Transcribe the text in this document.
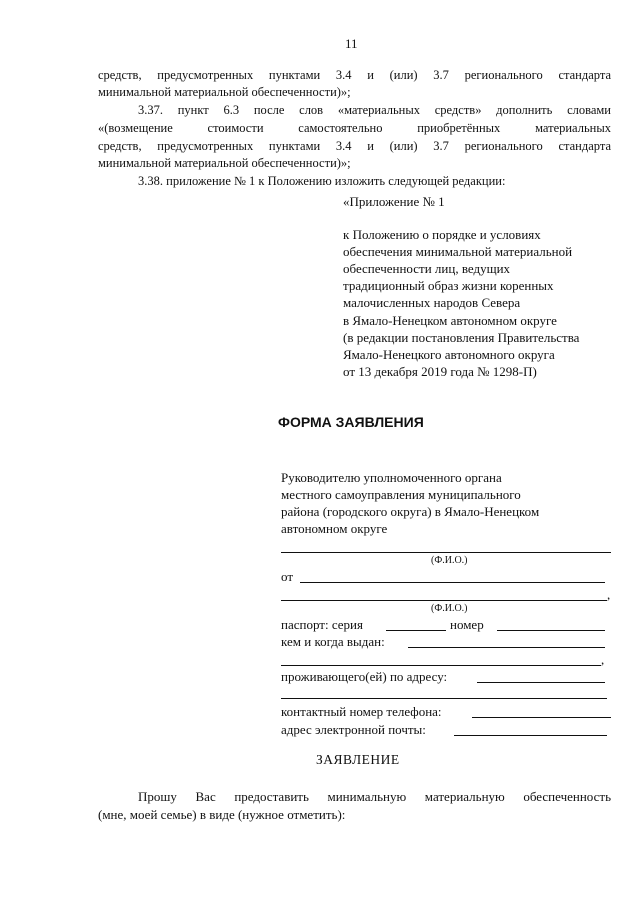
11
средств, предусмотренных пунктами 3.4 и (или) 3.7 регионального стандарта
минимальной материальной обеспеченности)»;
3.37. пункт 6.3 после слов «материальных средств» дополнить словами
«(возмещение стоимости самостоятельно приобретённых материальных
средств, предусмотренных пунктами 3.4 и (или) 3.7 регионального стандарта
минимальной материальной обеспеченности)»;
3.38. приложение № 1 к Положению изложить следующей редакции:
«Приложение № 1
к Положению о порядке и условиях
обеспечения минимальной материальной
обеспеченности лиц, ведущих
традиционный образ жизни коренных
малочисленных народов Севера
в Ямало-Ненецком автономном округе
(в редакции постановления Правительства
Ямало-Ненецкого автономного округа
от 13 декабря 2019 года № 1298-П)
ФОРМА ЗАЯВЛЕНИЯ
Руководителю уполномоченного органа
местного самоуправления муниципального
района (городского округа) в Ямало-Ненецком
автономном округе
(Ф.И.О.)
от
,
(Ф.И.О.)
паспорт: серия	номер
кем и когда выдан:
,
проживающего(ей) по адресу:
контактный номер телефона:
адрес электронной почты:
ЗАЯВЛЕНИЕ
Прошу Вас предоставить минимальную материальную обеспеченность
(мне, моей семье) в виде (нужное отметить):
